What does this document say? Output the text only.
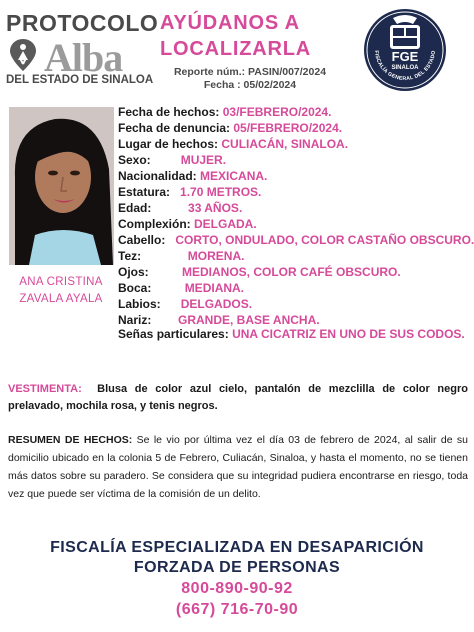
PROTOCOLO
Alba
DEL ESTADO DE SINALOA
AYÚDANOS A
LOCALIZARLA
Reporte núm.: PASIN/007/2024
Fecha : 05/02/2024
FGE
SINALOA
FISCALÍA GENERAL DEL ESTADO
ANA CRISTINA
ZAVALA AYALA
Fecha de hechos: 03/FEBRERO/2024.
Fecha de denuncia: 05/FEBRERO/2024.
Lugar de hechos: CULIACÁN, SINALOA.
Sexo:	MUJER.
Nacionalidad: MEXICANA.
Estatura: 1.70 METROS.
Edad:	33 AÑOS.
Complexión: DELGADA.
Cabello: CORTO, ONDULADO, COLOR CASTAÑO OBSCURO.
Tez:	MORENA.
Ojos:	MEDIANOS, COLOR CAFÉ OBSCURO.
Boca:	MEDIANA.
Labios: DELGADOS.
Nariz: GRANDE, BASE ANCHA.
Señas particulares: UNA CICATRIZ EN UNO DE SUS CODOS.
VESTIMENTA: Blusa de color azul cielo, pantalón de mezclilla de color negro prelavado, mochila rosa, y tenis negros.
RESUMEN DE HECHOS: Se le vio por última vez el día 03 de febrero de 2024, al salir de su domicilio ubicado en la colonia 5 de Febrero, Culiacán, Sinaloa, y hasta el momento, no se tienen más datos sobre su paradero. Se considera que su integridad pudiera encontrarse en riesgo, toda vez que puede ser víctima de la comisión de un delito.
FISCALÍA ESPECIALIZADA EN DESAPARICIÓN
FORZADA DE PERSONAS
800-890-90-92
(667) 716-70-90
